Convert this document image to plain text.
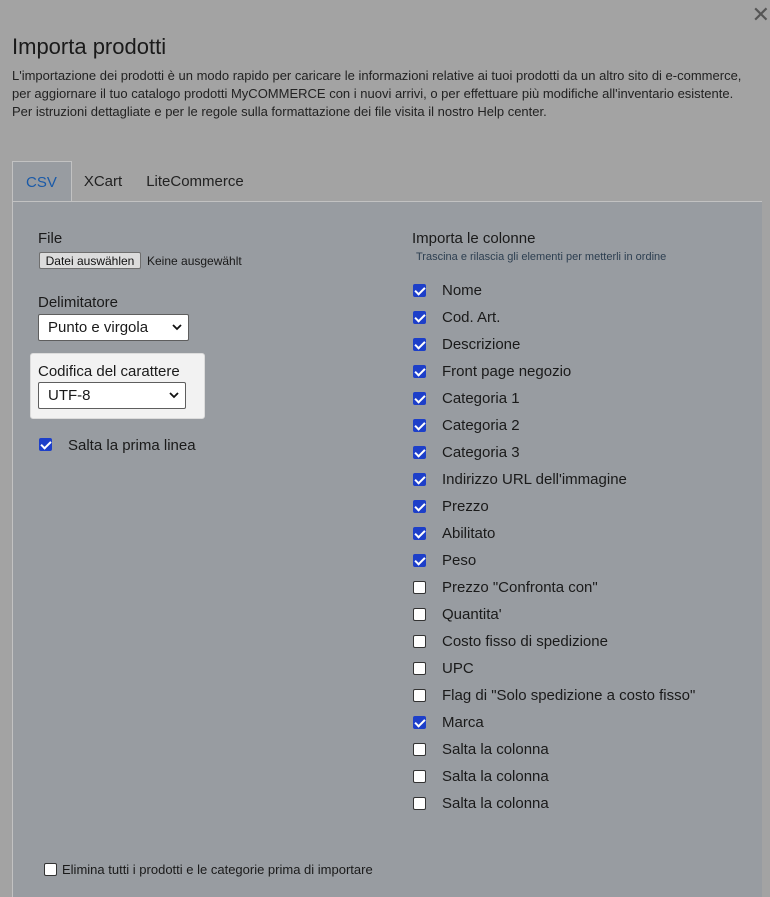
✕
Importa prodotti
L'importazione dei prodotti è un modo rapido per caricare le informazioni relative ai tuoi prodotti da un altro sito di e-commerce, per aggiornare il tuo catalogo prodotti MyCOMMERCE con i nuovi arrivi, o per effettuare più modifiche all'inventario esistente. Per istruzioni dettagliate e per le regole sulla formattazione dei file visita il nostro Help center.
CSV	XCart	LiteCommerce
File
Datei auswählen	Keine ausgewählt
Delimitatore
Punto e virgola
Codifica del carattere
UTF-8
Salta la prima linea
Importa le colonne
Trascina e rilascia gli elementi per metterli in ordine
Nome
Cod. Art.
Descrizione
Front page negozio
Categoria 1
Categoria 2
Categoria 3
Indirizzo URL dell'immagine
Prezzo
Abilitato
Peso
Prezzo "Confronta con"
Quantita'
Costo fisso di spedizione
UPC
Flag di "Solo spedizione a costo fisso"
Marca
Salta la colonna
Salta la colonna
Salta la colonna
Elimina tutti i prodotti e le categorie prima di importare
